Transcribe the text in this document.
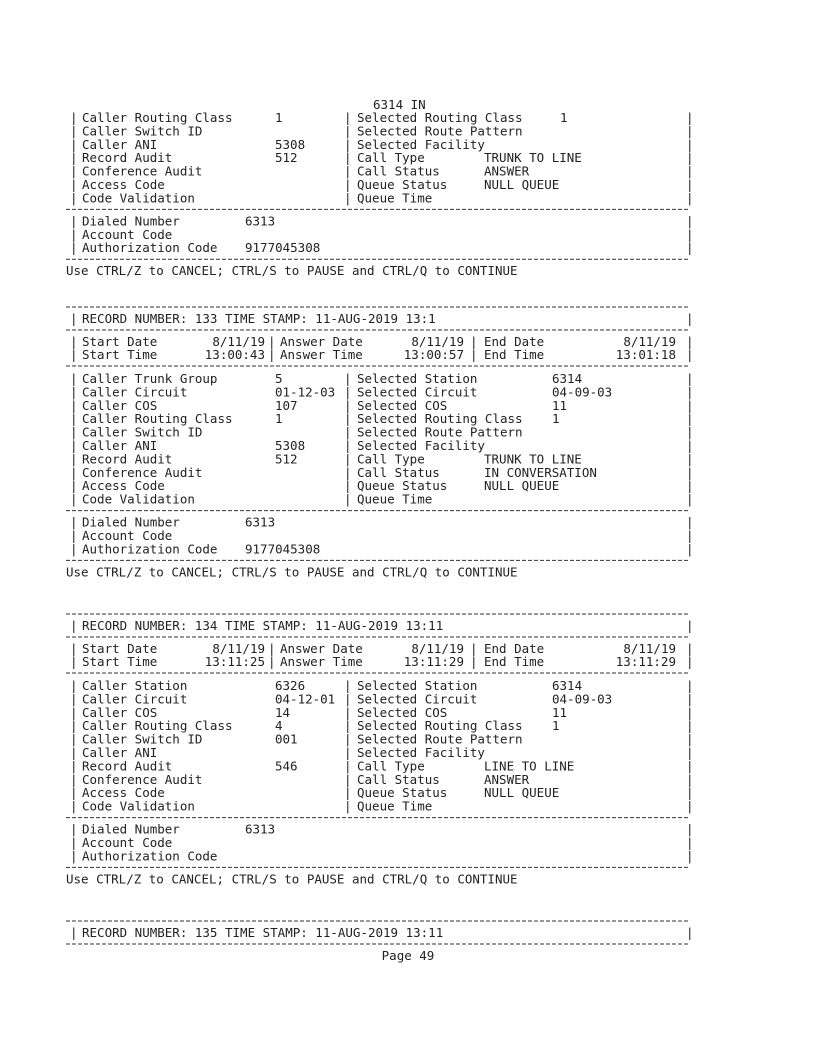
6314 IN
| Caller Routing Class	1	| Selected Routing Class	1	|
| Caller Switch ID	| Selected Route Pattern	|
| Caller ANI	5308	| Selected Facility	|
| Record Audit	512	| Call Type	TRUNK TO LINE	|
| Conference Audit	| Call Status	ANSWER	|
| Access Code	| Queue Status	NULL QUEUE	|
| Code Validation	| Queue Time	|
| Dialed Number	6313	|
| Account Code	|
| Authorization Code 9177045308	|
Use CTRL/Z to CANCEL; CTRL/S to PAUSE and CTRL/Q to CONTINUE
| RECORD NUMBER: 133 TIME STAMP: 11-AUG-2019 13:1	|
| Start Date	8/11/19 | Answer Date	8/11/19 | End Date	8/11/19 |
| Start Time	13:00:43 | Answer Time	13:00:57 | End Time	13:01:18 |
| Caller Trunk Group	5	| Selected Station	6314	|
| Caller Circuit	01-12-03 | Selected Circuit	04-09-03	|
| Caller COS	107	| Selected COS	11	|
| Caller Routing Class	1	| Selected Routing Class 1	|
| Caller Switch ID	| Selected Route Pattern	|
| Caller ANI	5308	| Selected Facility	|
| Record Audit	512	| Call Type	TRUNK TO LINE	|
| Conference Audit	| Call Status	IN CONVERSATION	|
| Access Code	| Queue Status	NULL QUEUE	|
| Code Validation	| Queue Time	|
| Dialed Number	6313	|
| Account Code	|
| Authorization Code 9177045308	|
Use CTRL/Z to CANCEL; CTRL/S to PAUSE and CTRL/Q to CONTINUE
| RECORD NUMBER: 134 TIME STAMP: 11-AUG-2019 13:11	|
| Start Date	8/11/19 | Answer Date	8/11/19 | End Date	8/11/19 |
| Start Time	13:11:25 | Answer Time	13:11:29 | End Time	13:11:29 |
| Caller Station	6326	| Selected Station	6314	|
| Caller Circuit	04-12-01 | Selected Circuit	04-09-03	|
| Caller COS	14	| Selected COS	11	|
| Caller Routing Class	4	| Selected Routing Class 1	|
| Caller Switch ID	001	| Selected Route Pattern	|
| Caller ANI	| Selected Facility	|
| Record Audit	546	| Call Type	LINE TO LINE	|
| Conference Audit	| Call Status	ANSWER	|
| Access Code	| Queue Status	NULL QUEUE	|
| Code Validation	| Queue Time	|
| Dialed Number	6313	|
| Account Code	|
| Authorization Code	|
Use CTRL/Z to CANCEL; CTRL/S to PAUSE and CTRL/Q to CONTINUE
| RECORD NUMBER: 135 TIME STAMP: 11-AUG-2019 13:11	|
Page 49
